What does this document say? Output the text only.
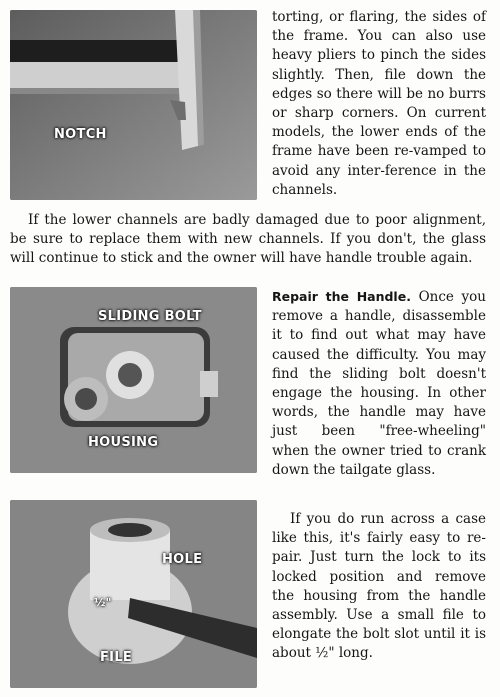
NOTCH

torting, or flaring, the sides of the frame. You can also use heavy pliers to pinch the sides slightly. Then, file down the edges so there will be no burrs or sharp corners. On current models, the lower ends of the frame have been re-vamped to avoid any inter-ference in the channels.

If the lower channels are badly damaged due to poor alignment, be sure to replace them with new channels. If you don't, the glass will continue to stick and the owner will have handle trouble again.
SLIDING BOLT
HOUSING

Repair the Handle. Once you remove a handle, disassemble it to find out what may have caused the difficulty. You may find the sliding bolt doesn't engage the housing. In other words, the handle may have just been "free-wheeling" when the owner tried to crank down the tailgate glass.

HOLE
FILE
½"

If you do run across a case like this, it's fairly easy to re-pair. Just turn the lock to its locked position and remove the housing from the handle assembly. Use a small file to elongate the bolt slot until it is about ½" long.
